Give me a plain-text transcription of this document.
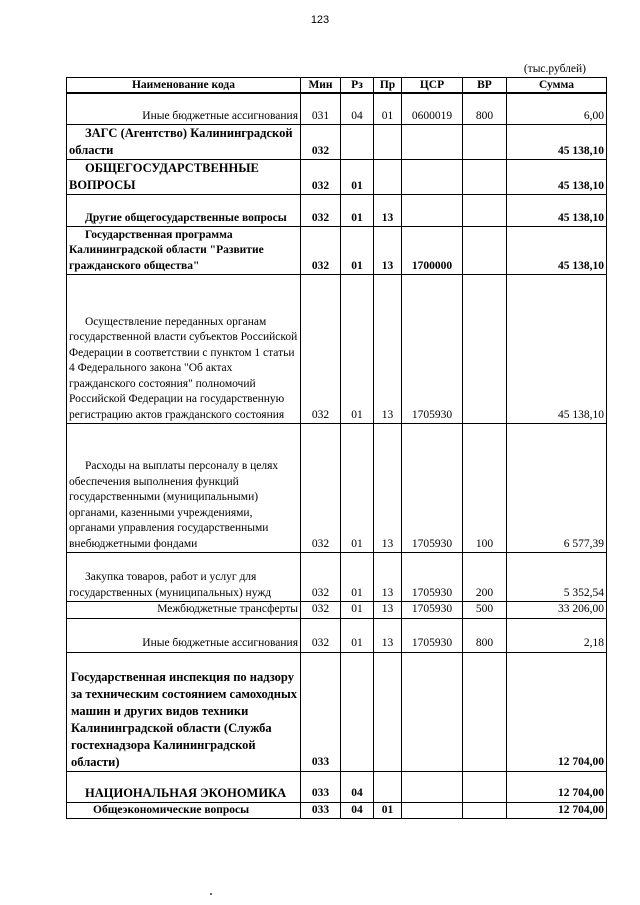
123
(тыс.рублей)
Наименование кода	Мин	Рз	Пр	ЦСР	ВР	Сумма
Иные бюджетные ассигнования	031	04	01	0600019	800	6,00
ЗАГС (Агентство) Калининградской области	032					45 138,10
ОБЩЕГОСУДАРСТВЕННЫЕ ВОПРОСЫ	032	01				45 138,10
Другие общегосударственные вопросы	032	01	13			45 138,10
Государственная программа Калининградской области "Развитие гражданского общества"	032	01	13	1700000		45 138,10
Осуществление переданных органам государственной власти субъектов Российской Федерации в соответствии с пунктом 1 статьи 4 Федерального закона "Об актах гражданского состояния" полномочий Российской Федерации на государственную регистрацию актов гражданского состояния	032	01	13	1705930		45 138,10
Расходы на выплаты персоналу в целях обеспечения выполнения функций государственными (муниципальными) органами, казенными учреждениями, органами управления государственными внебюджетными фондами	032	01	13	1705930	100	6 577,39
Закупка товаров, работ и услуг для государственных (муниципальных) нужд	032	01	13	1705930	200	5 352,54
Межбюджетные трансферты	032	01	13	1705930	500	33 206,00
Иные бюджетные ассигнования	032	01	13	1705930	800	2,18
Государственная инспекция по надзору за техническим состоянием самоходных машин и других видов техники Калининградской области (Служба гостехнадзора Калининградской области)	033					12 704,00
НАЦИОНАЛЬНАЯ ЭКОНОМИКА	033	04				12 704,00
Общеэкономические вопросы	033	04	01			12 704,00
